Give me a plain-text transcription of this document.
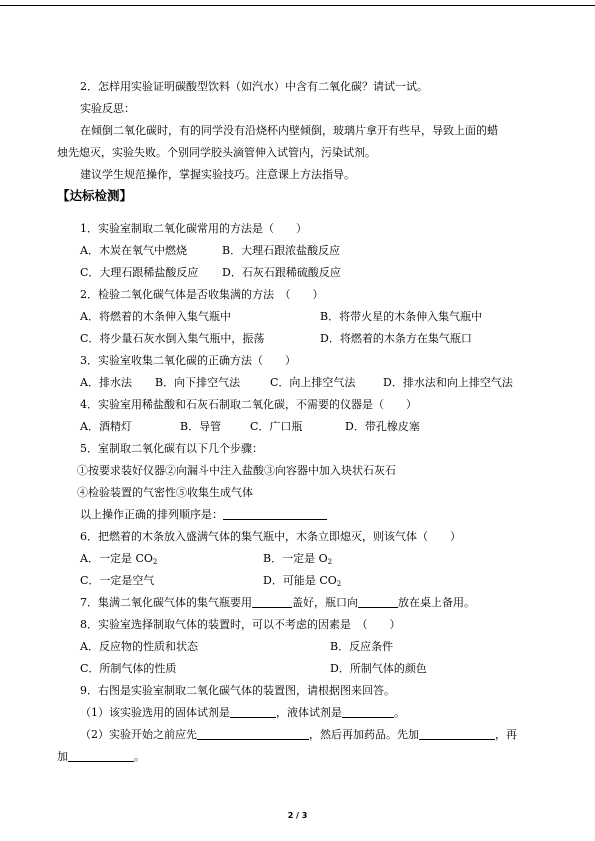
2．怎样用实验证明碳酸型饮料（如汽水）中含有二氧化碳？请试一试。
实验反思：
在倾倒二氧化碳时，有的同学没有沿烧杯内壁倾倒，玻璃片拿开有些早，导致上面的蜡
烛先熄灭，实验失败。个别同学胶头滴管伸入试管内，污染试剂。
建议学生规范操作，掌握实验技巧。注意课上方法指导。
【达标检测】
1．实验室制取二氧化碳常用的方法是（　　）
A．木炭在氧气中燃烧	B．大理石跟浓盐酸反应
C．大理石跟稀盐酸反应 D．石灰石跟稀硫酸反应
2．检验二氧化碳气体是否收集满的方法　（　　）
A．将燃着的木条伸入集气瓶中	B．将带火星的木条伸入集气瓶中
C．将少量石灰水倒入集气瓶中，振荡	D．将燃着的木条方在集气瓶口
3．实验室收集二氧化碳的正确方法（　　）
A．排水法 B．向下排空气法	C．向上排空气法	D．排水法和向上排空气法
4．实验室用稀盐酸和石灰石制取二氧化碳，不需要的仪器是（　　）
A．酒精灯	B．导管	C．广口瓶	D．带孔橡皮塞
5．室制取二氧化碳有以下几个步骤：
①按要求装好仪器②向漏斗中注入盐酸③向容器中加入块状石灰石
④检验装置的气密性⑤收集生成气体
以上操作正确的排列顺序是：
6．把燃着的木条放入盛满气体的集气瓶中，木条立即熄灭，则该气体（　　）
A．一定是 $CO_2$	B．一定是 $O_2$
C．一定是空气	D．可能是 $CO_2$
7．集满二氧化碳气体的集气瓶要用	盖好，瓶口向	放在桌上备用。
8．实验室选择制取气体的装置时，可以不考虑的因素是　（　　）
A．反应物的性质和状态	B．反应条件
C．所制气体的性质	D．所制气体的颜色
9．右图是实验室制取二氧化碳气体的装置图，请根据图来回答。
（1）该实验选用的固体试剂是	，液体试剂是	。
（2）实验开始之前应先	，然后再加药品。先加	，再
加	。
2 / 3
